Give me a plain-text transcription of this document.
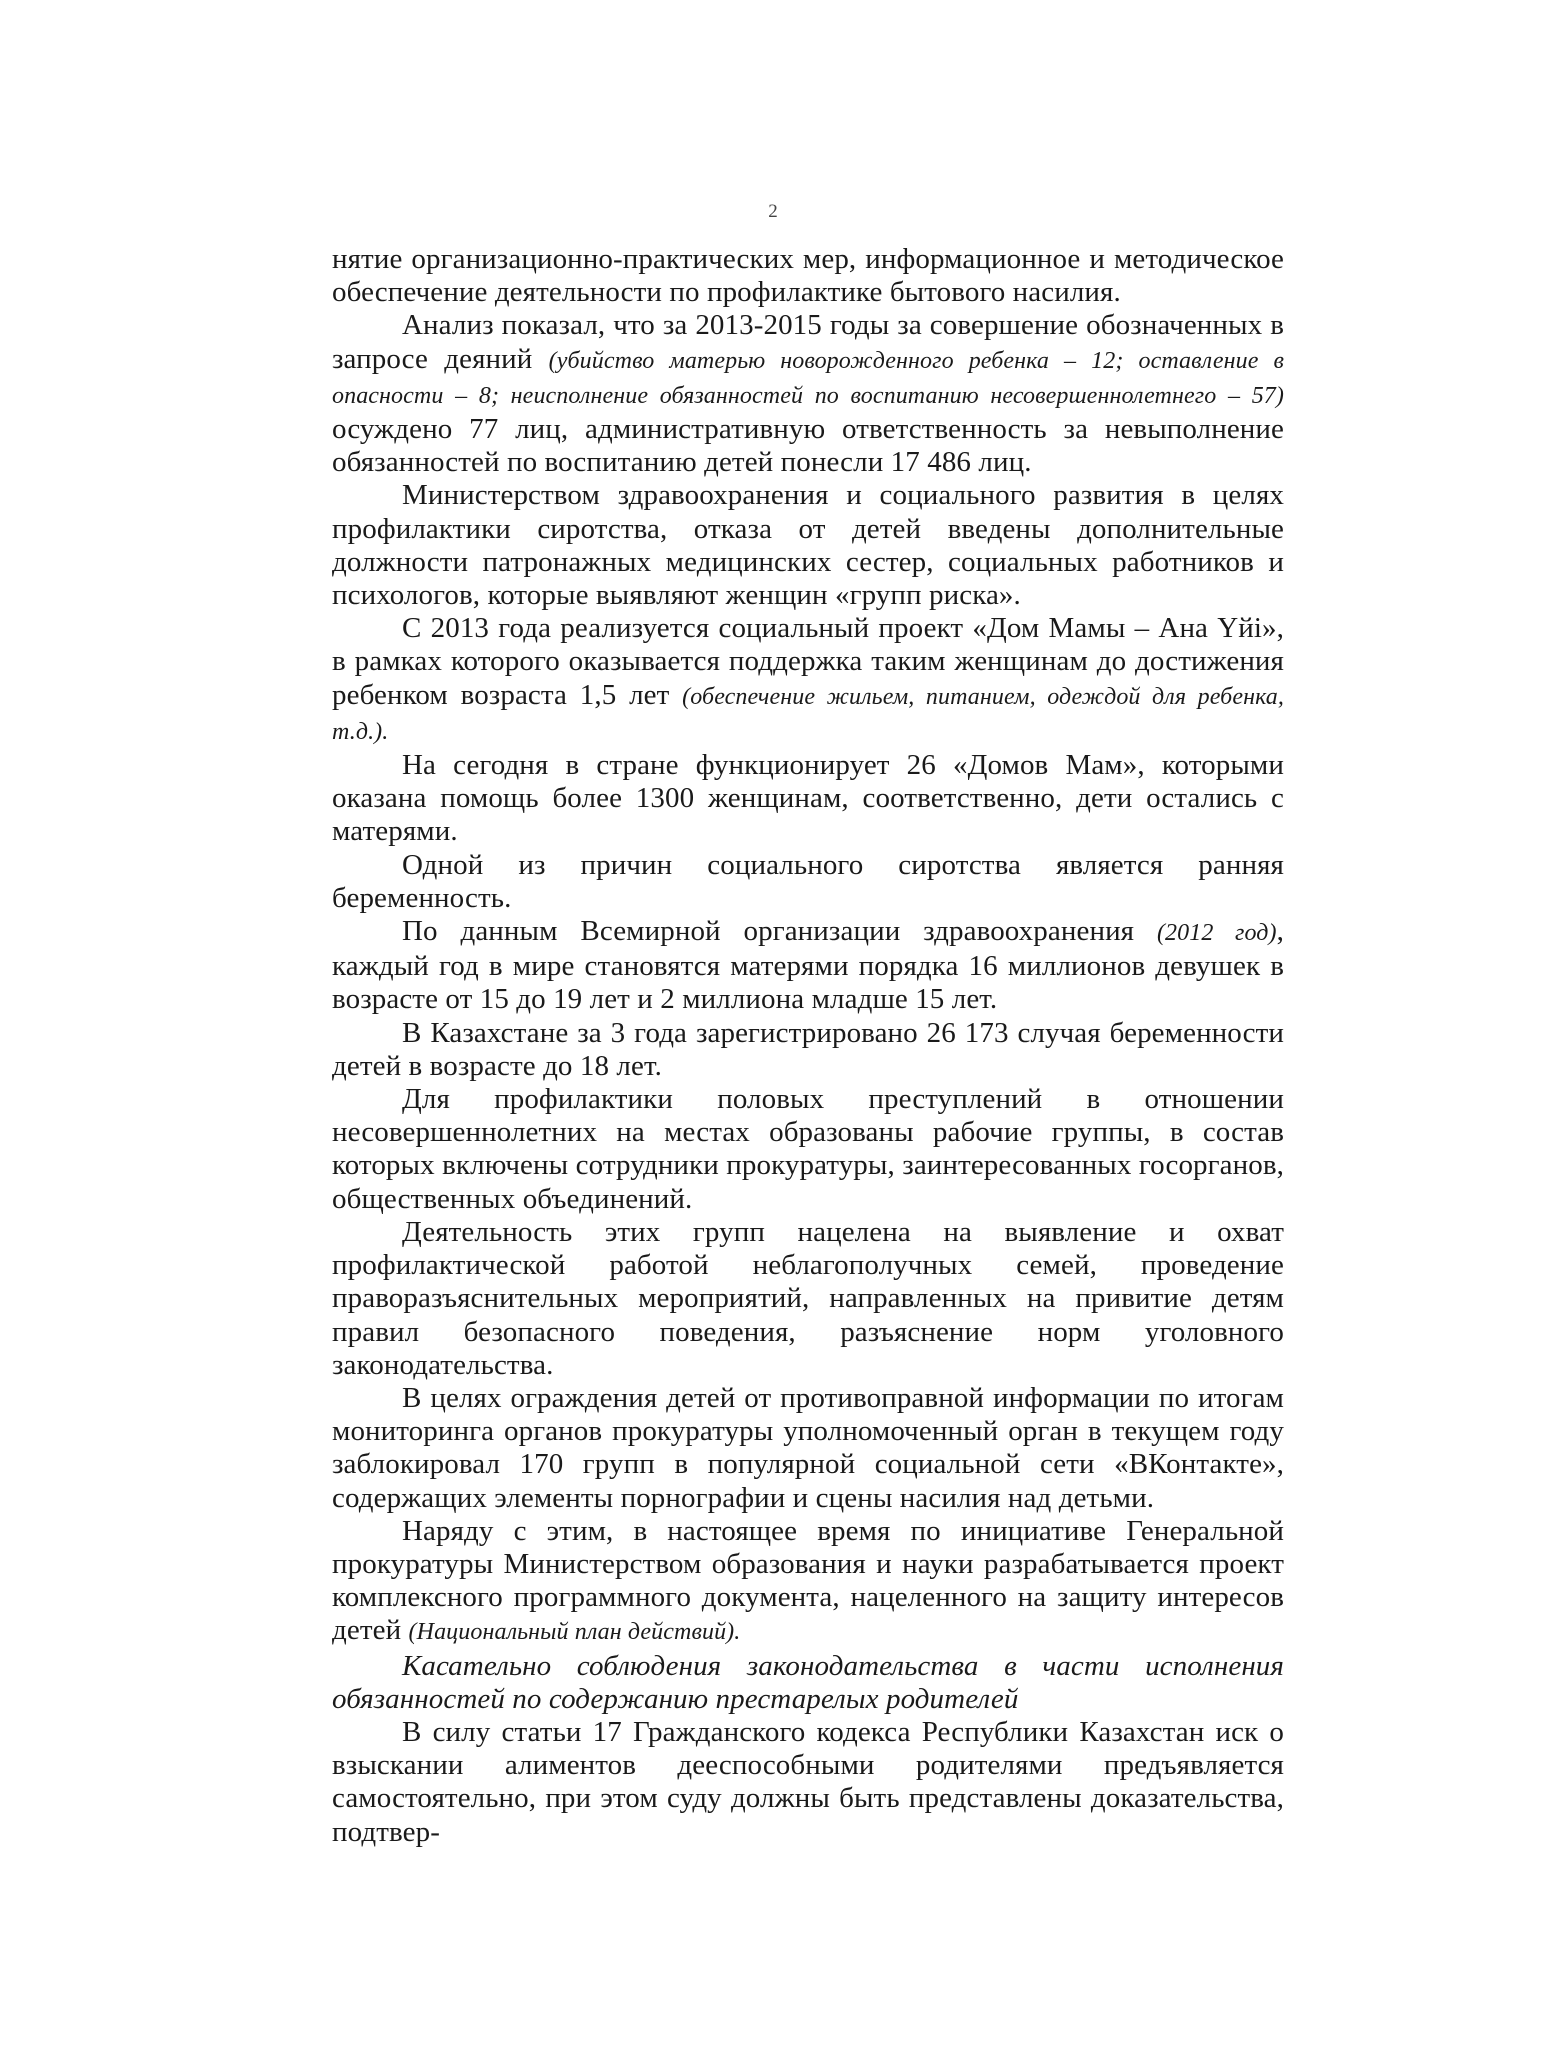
2

нятие организационно-практических мер, информационное и методическое обеспечение деятельности по профилактике бытового насилия.

Анализ показал, что за 2013-2015 годы за совершение обозначенных в запросе деяний (убийство матерью новорожденного ребенка – 12; оставление в опасности – 8; неисполнение обязанностей по воспитанию несовершеннолетнего – 57) осуждено 77 лиц, административную ответственность за невыполнение обязанностей по воспитанию детей понесли 17 486 лиц.

Министерством здравоохранения и социального развития в целях профилактики сиротства, отказа от детей введены дополнительные должности патронажных медицинских сестер, социальных работников и психологов, которые выявляют женщин «групп риска».

С 2013 года реализуется социальный проект «Дом Мамы – Ана Үйі», в рамках которого оказывается поддержка таким женщинам до достижения ребенком возраста 1,5 лет (обеспечение жильем, питанием, одеждой для ребенка, т.д.).

На сегодня в стране функционирует 26 «Домов Мам», которыми оказана помощь более 1300 женщинам, соответственно, дети остались с матерями.

Одной из причин социального сиротства является ранняя беременность.

По данным Всемирной организации здравоохранения (2012 год), каждый год в мире становятся матерями порядка 16 миллионов девушек в возрасте от 15 до 19 лет и 2 миллиона младше 15 лет.

В Казахстане за 3 года зарегистрировано 26 173 случая беременности детей в возрасте до 18 лет.

Для профилактики половых преступлений в отношении несовершеннолетних на местах образованы рабочие группы, в состав которых включены сотрудники прокуратуры, заинтересованных госорганов, общественных объединений.

Деятельность этих групп нацелена на выявление и охват профилактической работой неблагополучных семей, проведение праворазъяснительных мероприятий, направленных на привитие детям правил безопасного поведения, разъяснение норм уголовного законодательства.

В целях ограждения детей от противоправной информации по итогам мониторинга органов прокуратуры уполномоченный орган в текущем году заблокировал 170 групп в популярной социальной сети «ВКонтакте», содержащих элементы порнографии и сцены насилия над детьми.

Наряду с этим, в настоящее время по инициативе Генеральной прокуратуры Министерством образования и науки разрабатывается проект комплексного программного документа, нацеленного на защиту интересов детей (Национальный план действий).

Касательно соблюдения законодательства в части исполнения обязанностей по содержанию престарелых родителей

В силу статьи 17 Гражданского кодекса Республики Казахстан иск о взыскании алиментов дееспособными родителями предъявляется самостоятельно, при этом суду должны быть представлены доказательства, подтвер-
